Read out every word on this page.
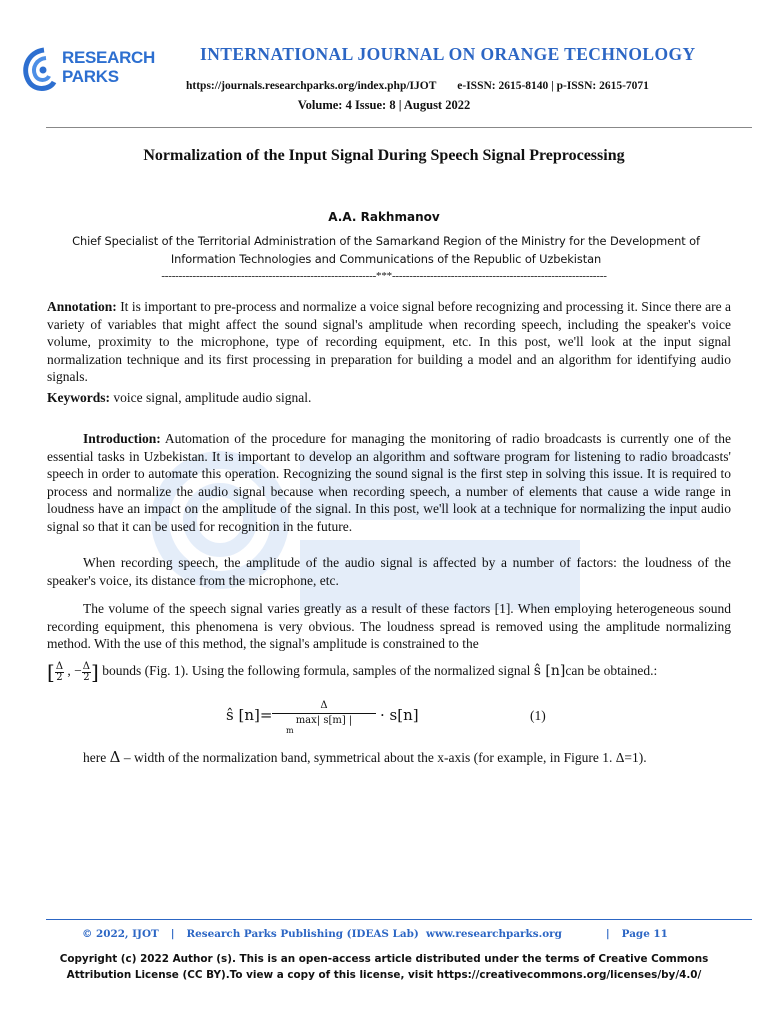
RESEARCH
PARKS
INTERNATIONAL JOURNAL ON ORANGE TECHNOLOGY
https://journals.researchparks.org/index.php/IJOT e-ISSN: 2615-8140 | p-ISSN: 2615-7071
Volume: 4 Issue: 8 | August 2022
Normalization of the Input Signal During Speech Signal Preprocessing
A.A. Rakhmanov
Chief Specialist of the Territorial Administration of the Samarkand Region of the Ministry for the Development of Information Technologies and Communications of the Republic of Uzbekistan
--------------------------------------------------------------***--------------------------------------------------------------
Annotation: It is important to pre-process and normalize a voice signal before recognizing and processing it. Since there are a variety of variables that might affect the sound signal's amplitude when recording speech, including the speaker's voice volume, proximity to the microphone, type of recording equipment, etc. In this post, we'll look at the input signal normalization technique and its first processing in preparation for building a model and an algorithm for identifying audio signals.
Keywords: voice signal, amplitude audio signal.
Introduction: Automation of the procedure for managing the monitoring of radio broadcasts is currently one of the essential tasks in Uzbekistan. It is important to develop an algorithm and software program for listening to radio broadcasts' speech in order to automate this operation. Recognizing the sound signal is the first step in solving this issue. It is required to process and normalize the audio signal because when recording speech, a number of elements that cause a wide range in loudness have an impact on the amplitude of the signal. In this post, we'll look at a technique for normalizing the input audio signal so that it can be used for recognition in the future.
When recording speech, the amplitude of the audio signal is affected by a number of factors: the loudness of the speaker's voice, its distance from the microphone, etc.
The volume of the speech signal varies greatly as a result of these factors [1]. When employing heterogeneous sound recording equipment, this phenomena is very obvious. The loudness spread is removed using the amplitude normalizing method. With the use of this method, the signal's amplitude is constrained to the
[ $\frac{\Delta}{2}$ , − $\frac{\Delta}{2}$ ] bounds (Fig. 1). Using the following formula, samples of the normalized signal ŝ [n]can be obtained.:
ŝ [n]=
Δ
max| s[m] |
m
· s[n]	(1)
here Δ – width of the normalization band, symmetrical about the x-axis (for example, in Figure 1. Δ=1).
© 2022, IJOT | Research Parks Publishing (IDEAS Lab) www.researchparks.org	| Page 11
Copyright (c) 2022 Author (s). This is an open-access article distributed under the terms of Creative Commons
Attribution License (CC BY).To view a copy of this license, visit https://creativecommons.org/licenses/by/4.0/
